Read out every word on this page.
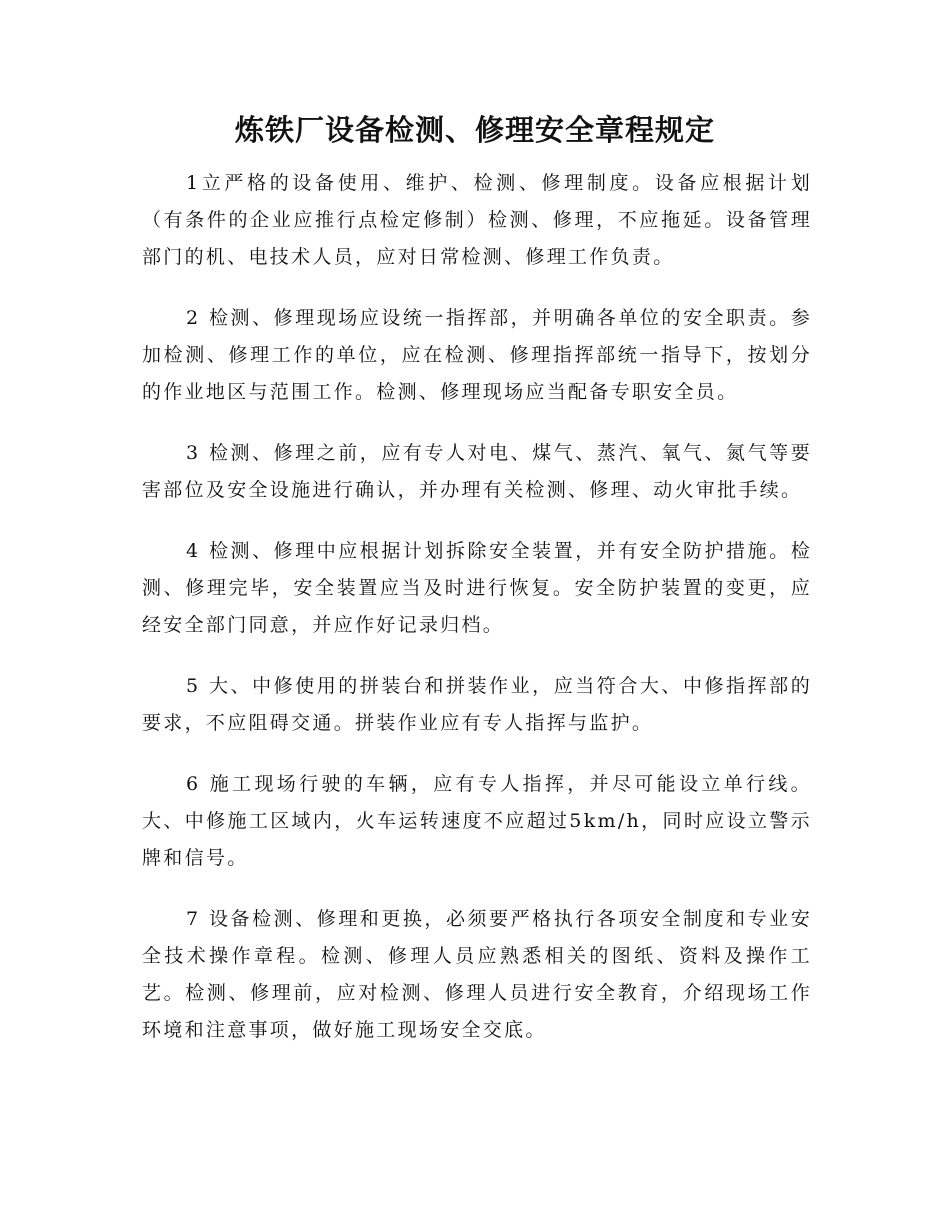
炼铁厂设备检测、修理安全章程规定

1立严格的设备使用、维护、检测、修理制度。设备应根据计划（有条件的企业应推行点检定修制）检测、修理，不应拖延。设备管理部门的机、电技术人员，应对日常检测、修理工作负责。

2 检测、修理现场应设统一指挥部，并明确各单位的安全职责。参加检测、修理工作的单位，应在检测、修理指挥部统一指导下，按划分的作业地区与范围工作。检测、修理现场应当配备专职安全员。

3 检测、修理之前，应有专人对电、煤气、蒸汽、氧气、氮气等要害部位及安全设施进行确认，并办理有关检测、修理、动火审批手续。

4 检测、修理中应根据计划拆除安全装置，并有安全防护措施。检测、修理完毕，安全装置应当及时进行恢复。安全防护装置的变更，应经安全部门同意，并应作好记录归档。

5 大、中修使用的拼装台和拼装作业，应当符合大、中修指挥部的要求，不应阻碍交通。拼装作业应有专人指挥与监护。

6 施工现场行驶的车辆，应有专人指挥，并尽可能设立单行线。大、中修施工区域内，火车运转速度不应超过5km/h，同时应设立警示牌和信号。

7 设备检测、修理和更换，必须要严格执行各项安全制度和专业安全技术操作章程。检测、修理人员应熟悉相关的图纸、资料及操作工艺。检测、修理前，应对检测、修理人员进行安全教育，介绍现场工作环境和注意事项，做好施工现场安全交底。
